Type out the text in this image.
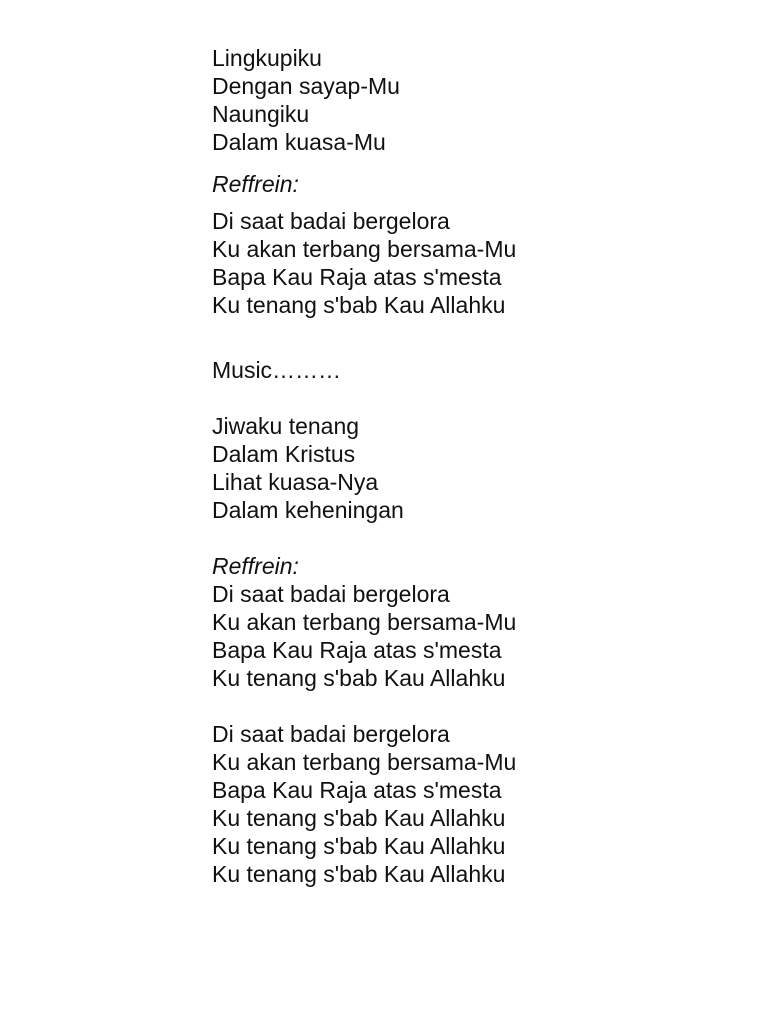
Lingkupiku
Dengan sayap-Mu
Naungiku
Dalam kuasa-Mu
Reffrein:
Di saat badai bergelora
Ku akan terbang bersama-Mu
Bapa Kau Raja atas s'mesta
Ku tenang s'bab Kau Allahku
Music………
Jiwaku tenang
Dalam Kristus
Lihat kuasa-Nya
Dalam keheningan
Reffrein:
Di saat badai bergelora
Ku akan terbang bersama-Mu
Bapa Kau Raja atas s'mesta
Ku tenang s'bab Kau Allahku
Di saat badai bergelora
Ku akan terbang bersama-Mu
Bapa Kau Raja atas s'mesta
Ku tenang s'bab Kau Allahku
Ku tenang s'bab Kau Allahku
Ku tenang s'bab Kau Allahku
